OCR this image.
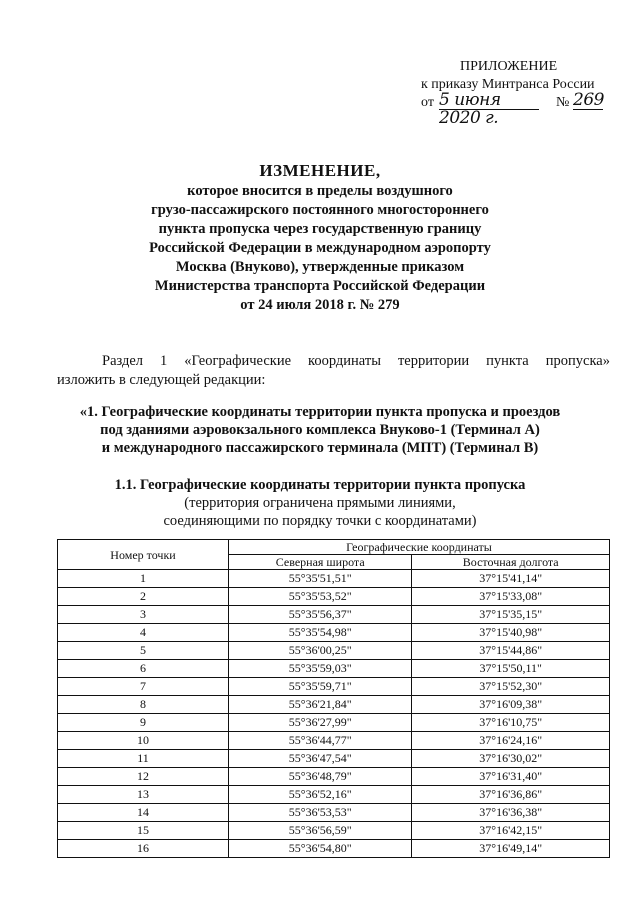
ПРИЛОЖЕНИЕ
к приказу Минтранса России
от 5 июня 2020 г.
№ 269
ИЗМЕНЕНИЕ,
которое вносится в пределы воздушного
грузо-пассажирского постоянного многостороннего
пункта пропуска через государственную границу
Российской Федерации в международном аэропорту
Москва (Внуково), утвержденные приказом
Министерства транспорта Российской Федерации
от 24 июля 2018 г. № 279
Раздел 1 «Географические координаты территории пункта пропуска»
изложить в следующей редакции:
«1. Географические координаты территории пункта пропуска и проездов
под зданиями аэровокзального комплекса Внуково-1 (Терминал А)
и международного пассажирского терминала (МПТ) (Терминал В)
1.1. Географические координаты территории пункта пропуска
(территория ограничена прямыми линиями,
соединяющими по порядку точки с координатами)
Номер точки	Географические координаты	
	Северная широта	Восточная долгота
1	55°35'51,51"	37°15'41,14"
2	55°35'53,52"	37°15'33,08"
3	55°35'56,37"	37°15'35,15"
4	55°35'54,98"	37°15'40,98"
5	55°36'00,25"	37°15'44,86"
6	55°35'59,03"	37°15'50,11"
7	55°35'59,71"	37°15'52,30"
8	55°36'21,84"	37°16'09,38"
9	55°36'27,99"	37°16'10,75"
10	55°36'44,77"	37°16'24,16"
11	55°36'47,54"	37°16'30,02"
12	55°36'48,79"	37°16'31,40"
13	55°36'52,16"	37°16'36,86"
14	55°36'53,53"	37°16'36,38"
15	55°36'56,59"	37°16'42,15"
16	55°36'54,80"	37°16'49,14"
